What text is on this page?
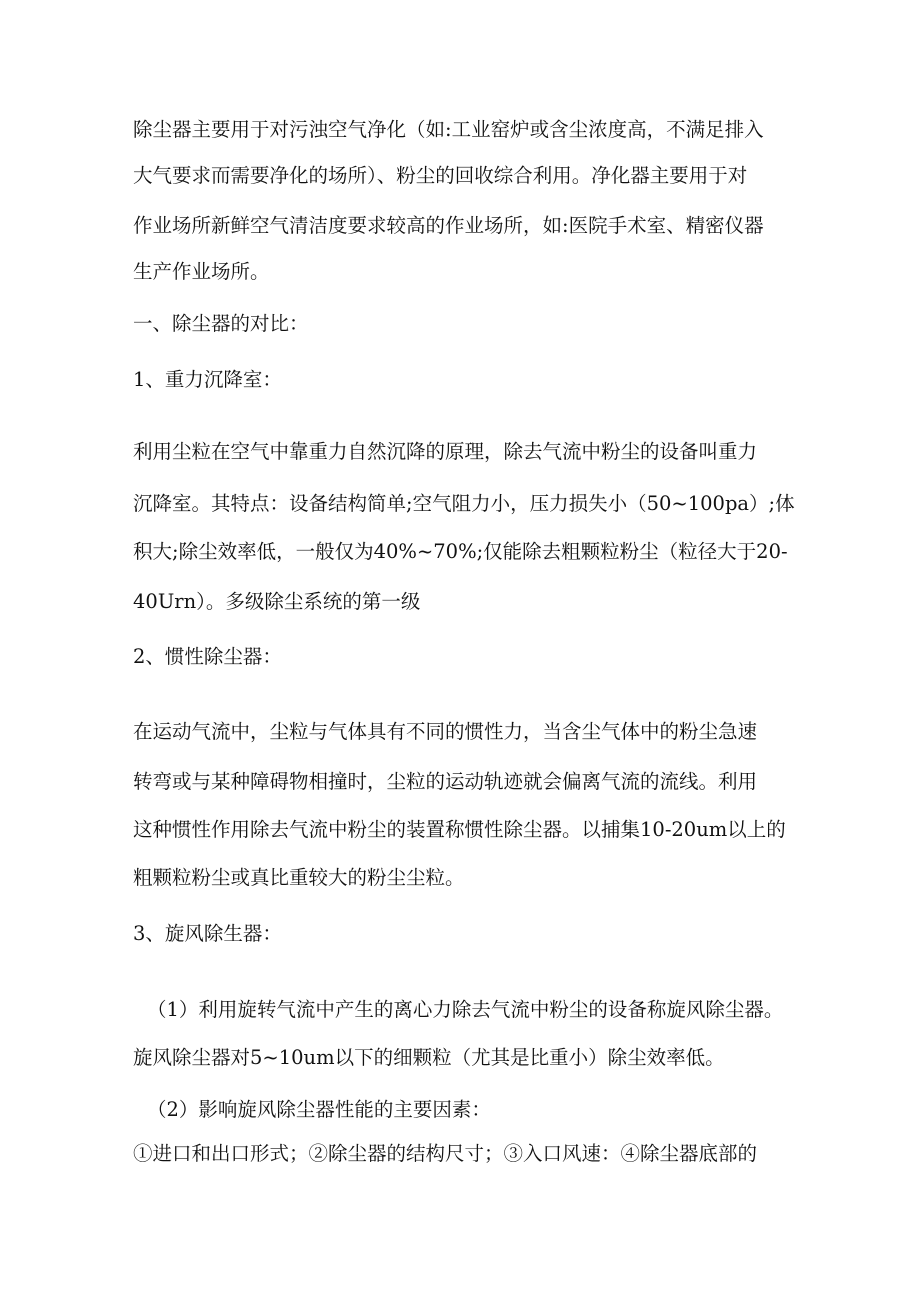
除尘器主要用于对污浊空气净化（如:工业窑炉或含尘浓度高，不满足排入
大气要求而需要净化的场所）、粉尘的回收综合利用。净化器主要用于对
作业场所新鲜空气清洁度要求较高的作业场所，如:医院手术室、精密仪器
生产作业场所。
一、除尘器的对比：
1、重力沉降室：
利用尘粒在空气中靠重力自然沉降的原理，除去气流中粉尘的设备叫重力
沉降室。其特点：设备结构简单;空气阻力小，压力损失小（50~100pa）;体
积大;除尘效率低，一般仅为40%~70%;仅能除去粗颗粒粉尘（粒径大于20-
40Urn）。多级除尘系统的第一级
2、惯性除尘器：
在运动气流中，尘粒与气体具有不同的惯性力，当含尘气体中的粉尘急速
转弯或与某种障碍物相撞时，尘粒的运动轨迹就会偏离气流的流线。利用
这种惯性作用除去气流中粉尘的装置称惯性除尘器。以捕集10-20um以上的
粗颗粒粉尘或真比重较大的粉尘尘粒。
3、旋风除生器：
（1）利用旋转气流中产生的离心力除去气流中粉尘的设备称旋风除尘器。
旋风除尘器对5~10um以下的细颗粒（尤其是比重小）除尘效率低。
（2）影响旋风除尘器性能的主要因素：
①进口和出口形式；②除尘器的结构尺寸；③入口风速：④除尘器底部的
